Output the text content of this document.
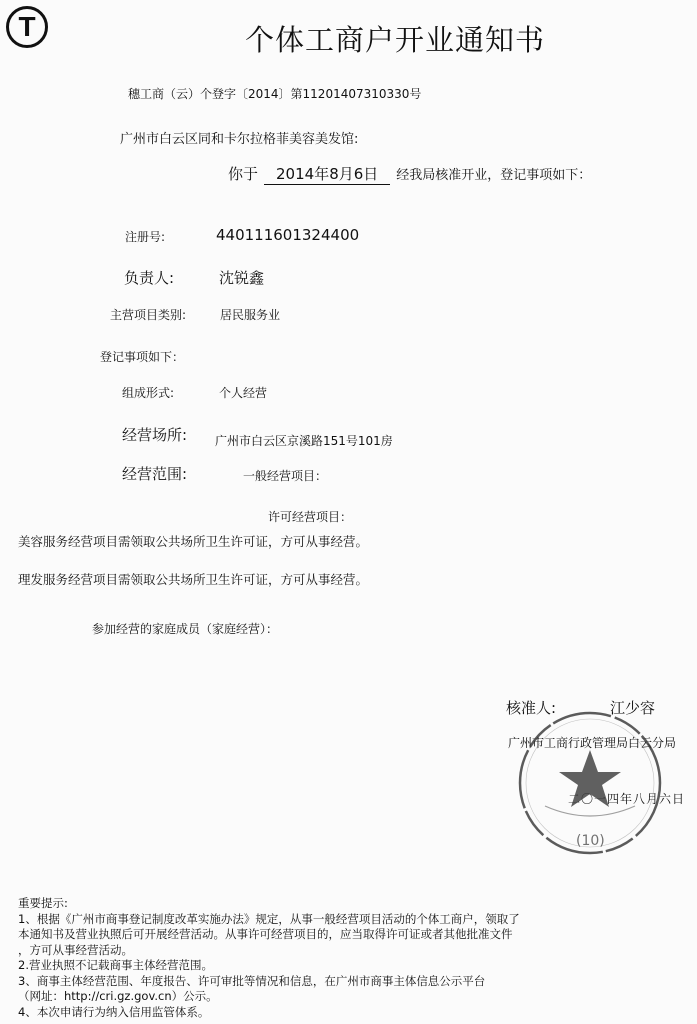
T	个体工商户开业通知书
穗工商（云）个登字〔2014〕第11201407310330号
广州市白云区同和卡尔拉格菲美容美发馆:
你于 2014年8月6日 经我局核准开业，登记事项如下：
注册号:	440111601324400
负责人:	沈锐鑫
主营项目类别:	居民服务业
登记事项如下：
组成形式:	个人经营
经营场所: 广州市白云区京溪路151号101房
经营范围:	一般经营项目：
许可经营项目：
美容服务经营项目需领取公共场所卫生许可证，方可从事经营。
理发服务经营项目需领取公共场所卫生许可证，方可从事经营。
参加经营的家庭成员（家庭经营）：
核准人:	江少容
广州市工商行政管理局白云分局
二〇一四年八月六日
(10)
重要提示:
1、根据《广州市商事登记制度改革实施办法》规定，从事一般经营项目活动的个体工商户，领取了
本通知书及营业执照后可开展经营活动。从事许可经营项目的，应当取得许可证或者其他批准文件
，方可从事经营活动。
2.营业执照不记载商事主体经营范围。
3、商事主体经营范围、年度报告、许可审批等情况和信息，在广州市商事主体信息公示平台
（网址：http://cri.gz.gov.cn）公示。
4、本次申请行为纳入信用监管体系。
